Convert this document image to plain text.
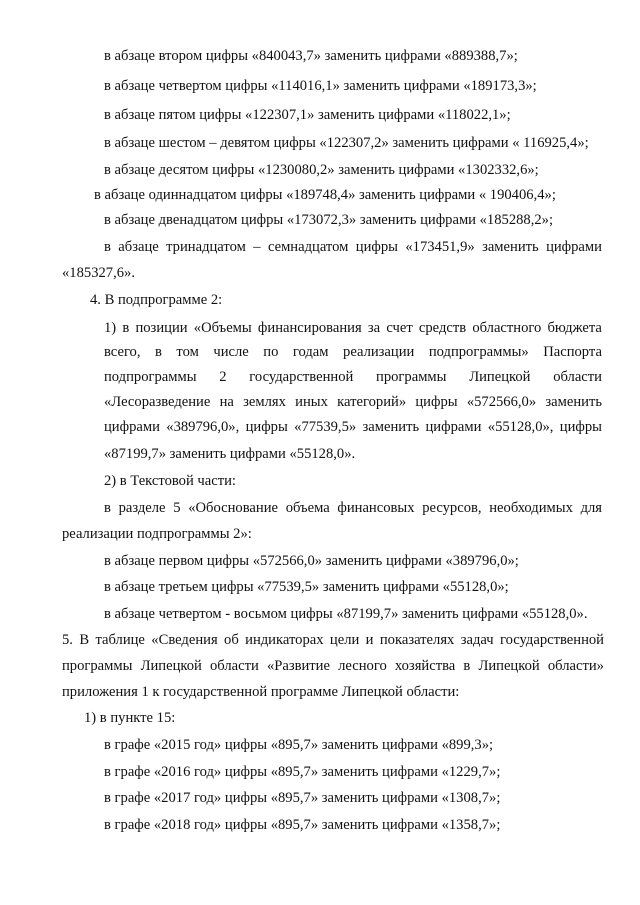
в абзаце втором цифры «840043,7» заменить цифрами «889388,7»;
в абзаце четвертом цифры «114016,1» заменить цифрами «189173,3»;
в абзаце пятом цифры «122307,1» заменить цифрами «118022,1»;
в абзаце шестом – девятом цифры «122307,2» заменить цифрами « 116925,4»;
в абзаце десятом цифры «1230080,2» заменить цифрами «1302332,6»;
в абзаце одиннадцатом цифры «189748,4» заменить цифрами « 190406,4»;
в абзаце двенадцатом цифры «173072,3» заменить цифрами «185288,2»;
в абзаце тринадцатом – семнадцатом цифры «173451,9» заменить цифрами
«185327,6».
4. В подпрограмме 2:
1) в позиции «Объемы финансирования за счет средств областного бюджета
всего, в том числе по годам реализации подпрограммы» Паспорта
подпрограммы 2 государственной программы Липецкой области
«Лесоразведение на землях иных категорий» цифры «572566,0» заменить
цифрами «389796,0», цифры «77539,5» заменить цифрами «55128,0», цифры
«87199,7» заменить цифрами «55128,0».
2) в Текстовой части:
в разделе 5 «Обоснование объема финансовых ресурсов, необходимых для
реализации подпрограммы 2»:
в абзаце первом цифры «572566,0» заменить цифрами «389796,0»;
в абзаце третьем цифры «77539,5» заменить цифрами «55128,0»;
в абзаце четвертом - восьмом цифры «87199,7» заменить цифрами «55128,0».
5. В таблице «Сведения об индикаторах цели и показателях задач государственной
программы Липецкой области «Развитие лесного хозяйства в Липецкой области»
приложения 1 к государственной программе Липецкой области:
1) в пункте 15:
в графе «2015 год» цифры «895,7» заменить цифрами «899,3»;
в графе «2016 год» цифры «895,7» заменить цифрами «1229,7»;
в графе «2017 год» цифры «895,7» заменить цифрами «1308,7»;
в графе «2018 год» цифры «895,7» заменить цифрами «1358,7»;
